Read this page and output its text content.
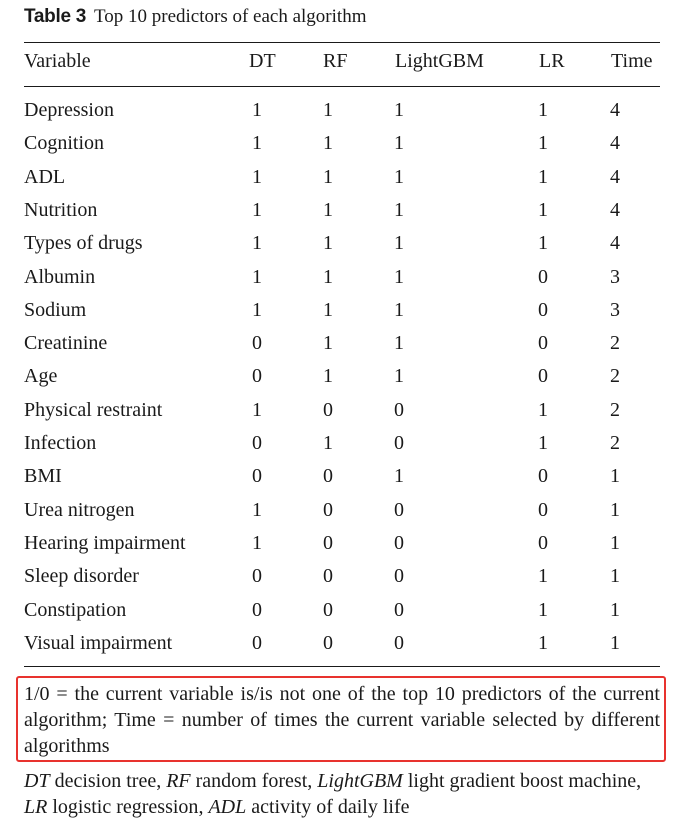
Table 3 Top 10 predictors of each algorithm
Variable	DT RF LightGBM	LR Time
Depression	1	1	1	1	4
Cognition	1	1	1	1	4
ADL	1	1	1	1	4
Nutrition	1	1	1	1	4
Types of drugs	1	1	1	1	4
Albumin	1	1	1	0	3
Sodium	1	1	1	0	3
Creatinine	0	1	1	0	2
Age	0	1	1	0	2
Physical restraint	1	0	0	1	2
Infection	0	1	0	1	2
BMI	0	0	1	0	1
Urea nitrogen	1	0	0	0	1
Hearing impairment	1	0	0	0	1
Sleep disorder	0	0	0	1	1
Constipation	0	0	0	1	1
Visual impairment	0	0	0	1	1
1/0 = the current variable is/is not one of the top 10 predictors of the current algorithm; Time = number of times the current variable selected by different algorithms
DT decision tree, RF random forest, LightGBM light gradient boost machine, LR logistic regression, ADL activity of daily life
